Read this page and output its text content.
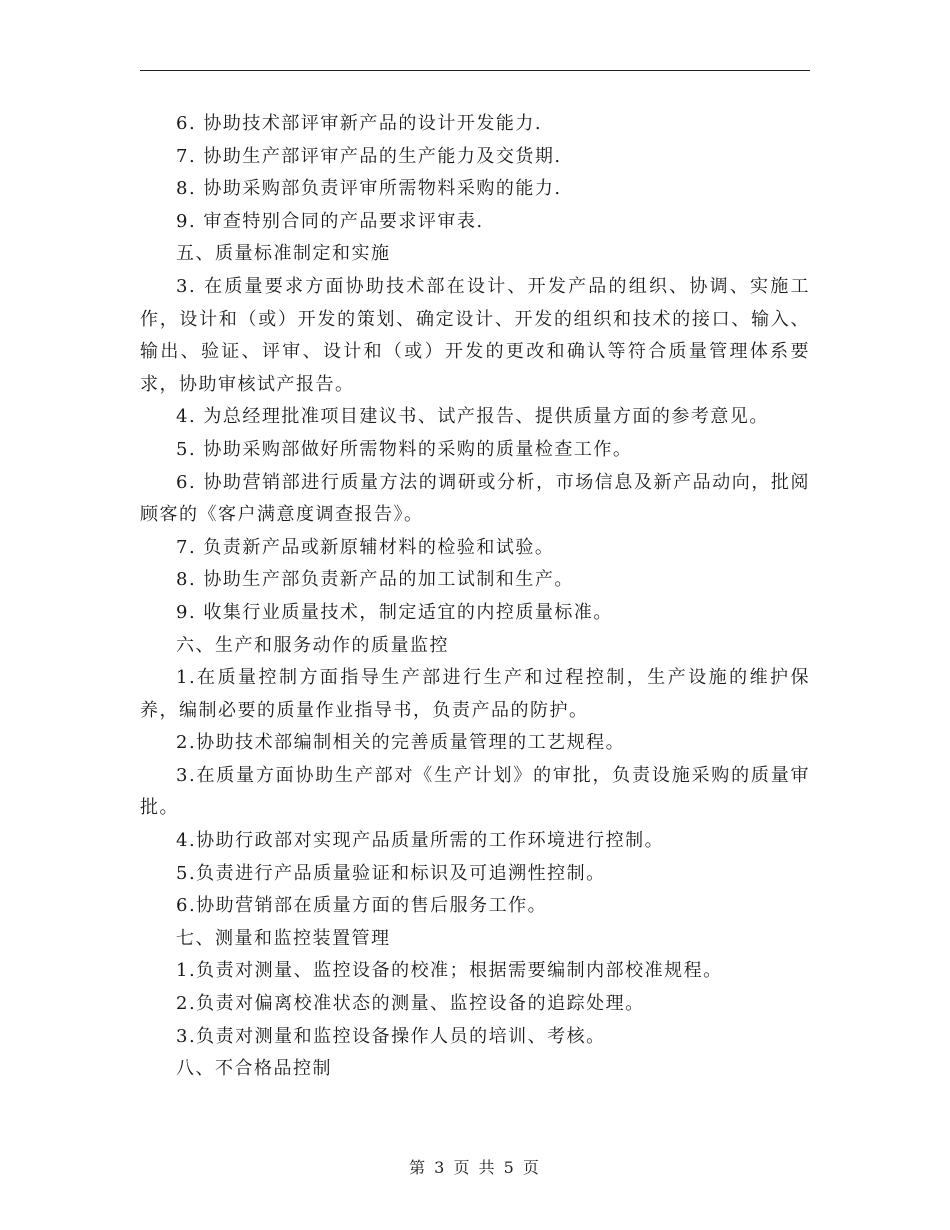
6. 协助技术部评审新产品的设计开发能力.

7. 协助生产部评审产品的生产能力及交货期.

8. 协助采购部负责评审所需物料采购的能力.

9. 审查特别合同的产品要求评审表.

五、质量标准制定和实施

3. 在质量要求方面协助技术部在设计、开发产品的组织、协调、实施工作，设计和（或）开发的策划、确定设计、开发的组织和技术的接口、输入、输出、验证、评审、设计和（或）开发的更改和确认等符合质量管理体系要求，协助审核试产报告。

4. 为总经理批准项目建议书、试产报告、提供质量方面的参考意见。

5. 协助采购部做好所需物料的采购的质量检查工作。

6. 协助营销部进行质量方法的调研或分析，市场信息及新产品动向，批阅顾客的《客户满意度调查报告》。

7. 负责新产品或新原辅材料的检验和试验。

8. 协助生产部负责新产品的加工试制和生产。

9. 收集行业质量技术，制定适宜的内控质量标准。

六、生产和服务动作的质量监控

1.在质量控制方面指导生产部进行生产和过程控制，生产设施的维护保养，编制必要的质量作业指导书，负责产品的防护。

2.协助技术部编制相关的完善质量管理的工艺规程。

3.在质量方面协助生产部对《生产计划》的审批，负责设施采购的质量审批。

4.协助行政部对实现产品质量所需的工作环境进行控制。

5.负责进行产品质量验证和标识及可追溯性控制。

6.协助营销部在质量方面的售后服务工作。

七、测量和监控装置管理

1.负责对测量、监控设备的校准；根据需要编制内部校准规程。

2.负责对偏离校准状态的测量、监控设备的追踪处理。

3.负责对测量和监控设备操作人员的培训、考核。

八、不合格品控制

第 3 页 共 5 页
